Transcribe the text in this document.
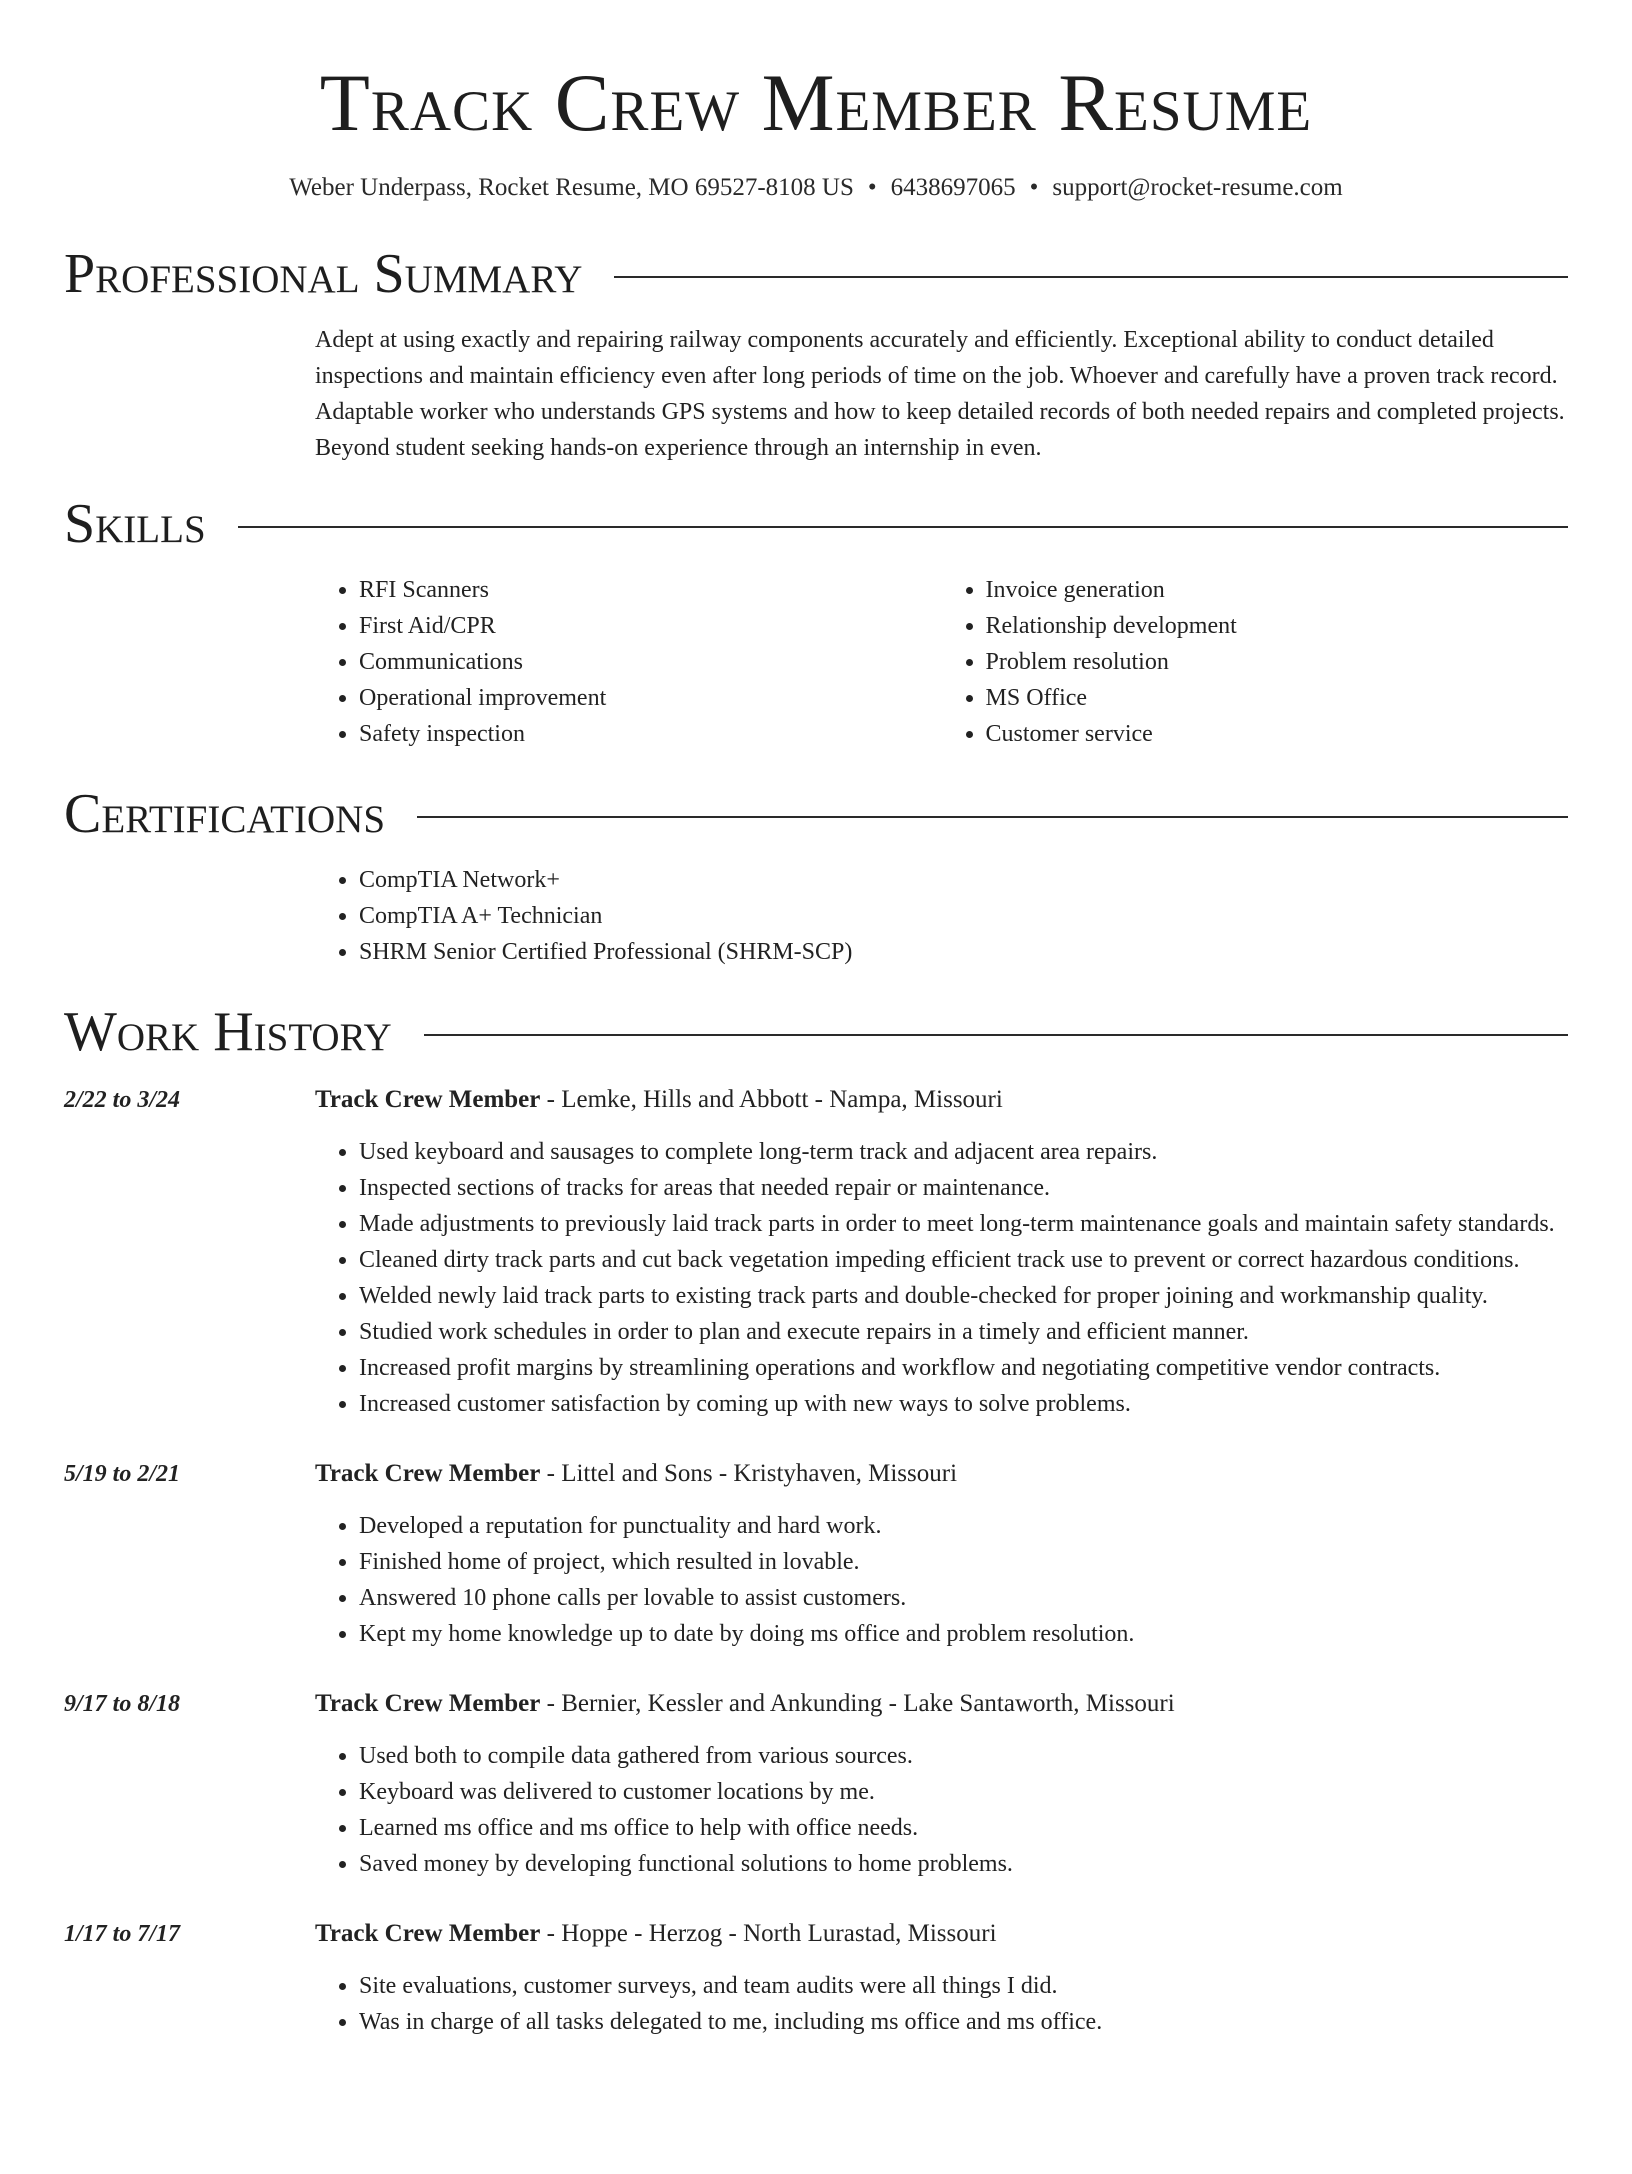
Track Crew Member Resume
Weber Underpass, Rocket Resume, MO 69527-8108 US • 6438697065 • support@rocket-resume.com
Professional Summary

Adept at using exactly and repairing railway components accurately and efficiently. Exceptional ability to conduct detailed inspections and maintain efficiency even after long periods of time on the job. Whoever and carefully have a proven track record. Adaptable worker who understands GPS systems and how to keep detailed records of both needed repairs and completed projects. Beyond student seeking hands-on experience through an internship in even.

Skills
• RFI Scanners
• First Aid/CPR
• Communications
• Operational improvement
• Safety inspection
• Invoice generation
• Relationship development
• Problem resolution
• MS Office
• Customer service
Certifications
• CompTIA Network+
• CompTIA A+ Technician
• SHRM Senior Certified Professional (SHRM-SCP)
Work History
2/22 to 3/24	Track Crew Member - Lemke, Hills and Abbott - Nampa, Missouri
• Used keyboard and sausages to complete long-term track and adjacent area repairs.
• Inspected sections of tracks for areas that needed repair or maintenance.
• Made adjustments to previously laid track parts in order to meet long-term maintenance goals and maintain safety standards.
• Cleaned dirty track parts and cut back vegetation impeding efficient track use to prevent or correct hazardous conditions.
• Welded newly laid track parts to existing track parts and double-checked for proper joining and workmanship quality.
• Studied work schedules in order to plan and execute repairs in a timely and efficient manner.
• Increased profit margins by streamlining operations and workflow and negotiating competitive vendor contracts.
• Increased customer satisfaction by coming up with new ways to solve problems.
5/19 to 2/21	Track Crew Member - Littel and Sons - Kristyhaven, Missouri
• Developed a reputation for punctuality and hard work.
• Finished home of project, which resulted in lovable.
• Answered 10 phone calls per lovable to assist customers.
• Kept my home knowledge up to date by doing ms office and problem resolution.
9/17 to 8/18	Track Crew Member - Bernier, Kessler and Ankunding - Lake Santaworth, Missouri
• Used both to compile data gathered from various sources.
• Keyboard was delivered to customer locations by me.
• Learned ms office and ms office to help with office needs.
• Saved money by developing functional solutions to home problems.
1/17 to 7/17	Track Crew Member - Hoppe - Herzog - North Lurastad, Missouri
• Site evaluations, customer surveys, and team audits were all things I did.
• Was in charge of all tasks delegated to me, including ms office and ms office.
